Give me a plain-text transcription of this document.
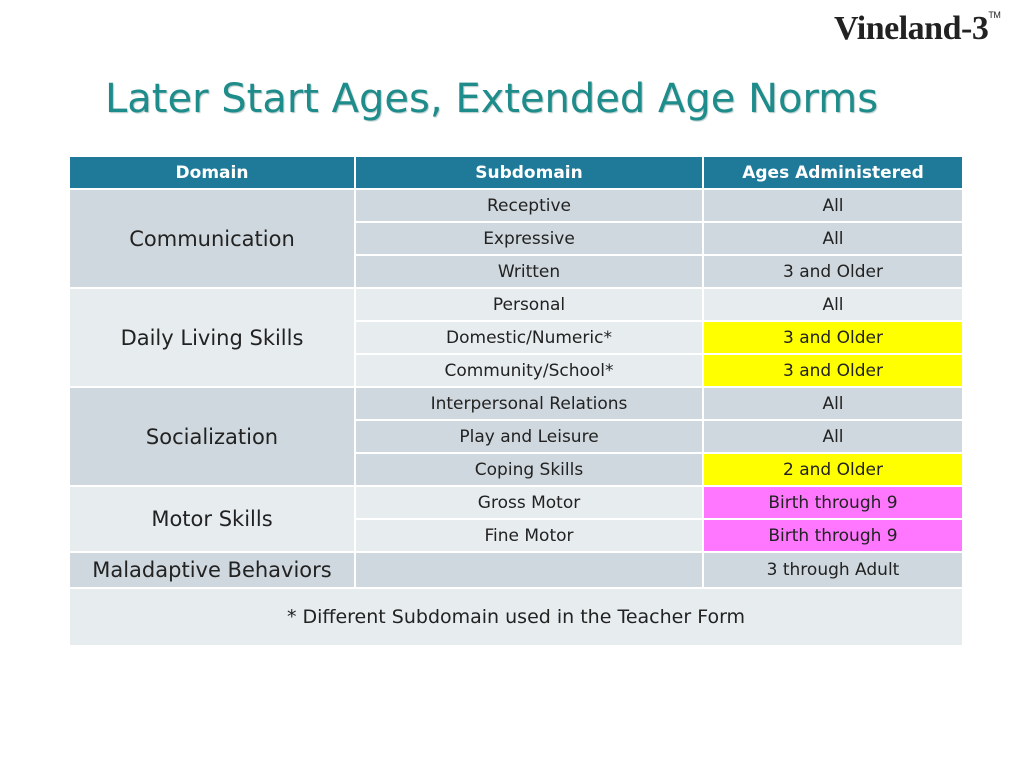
Vineland-3™
Later Start Ages, Extended Age Norms
Domain	Subdomain	Ages Administered
Communication	Receptive	All
	Expressive	All
	Written	3 and Older
Daily Living Skills	Personal	All
	Domestic/Numeric*	3 and Older
	Community/School*	3 and Older
Socialization	Interpersonal Relations	All
	Play and Leisure	All
	Coping Skills	2 and Older
Motor Skills	Gross Motor	Birth through 9
	Fine Motor	Birth through 9
Maladaptive Behaviors		3 through Adult
* Different Subdomain used in the Teacher Form		
